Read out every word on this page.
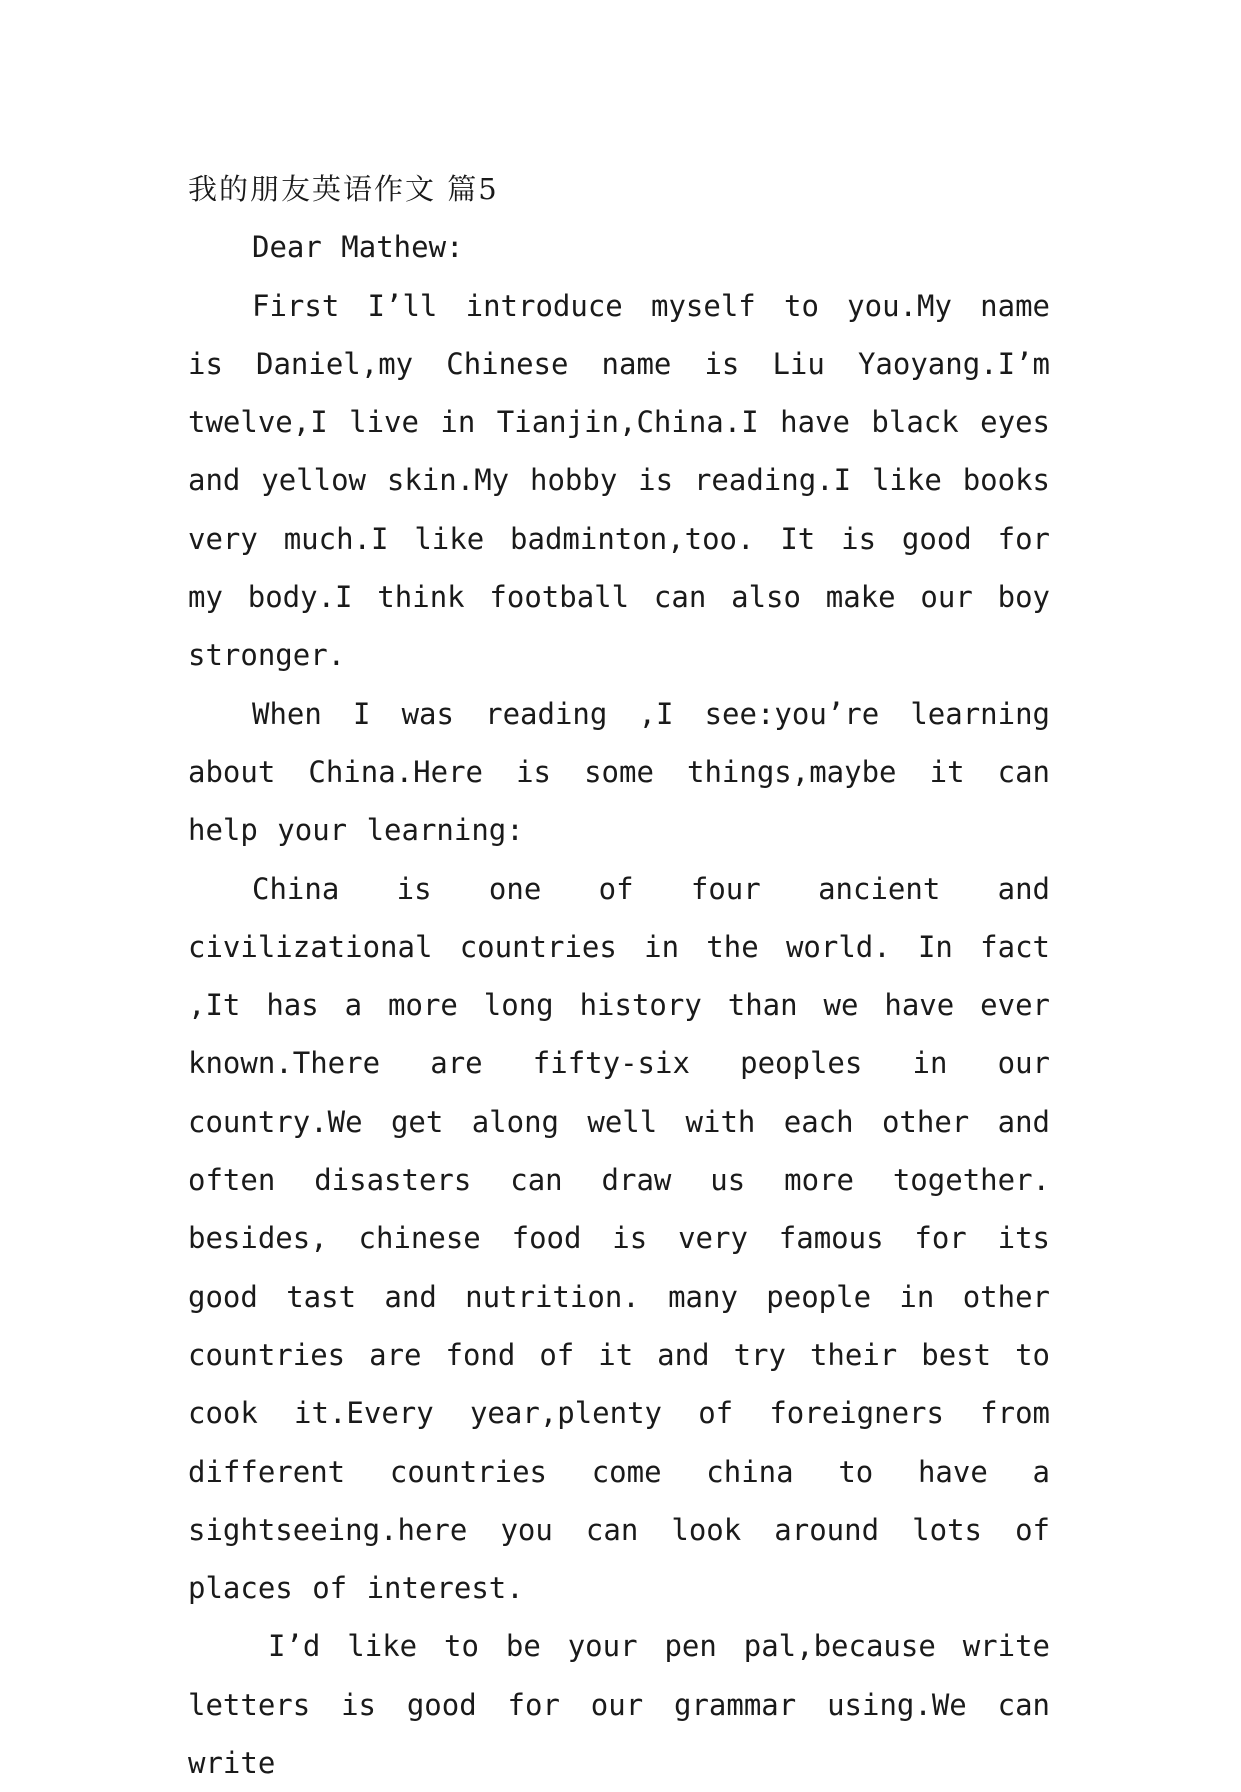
我的朋友英语作文 篇5

Dear Mathew:

First I’ll introduce myself to you.My name is Daniel,my Chinese name is Liu Yaoyang.I’m twelve,I live in Tianjin,China.I have black eyes and yellow skin.My hobby is reading.I like books very much.I like badminton,too. It is good for my body.I think football can also make our boy stronger.

When I was reading ,I see:you’re learning about China.Here is some things,maybe it can help your learning:

China is one of four ancient and civilizational countries in the world. In fact ,It has a more long history than we have ever known.There are fifty-six peoples in our country.We get along well with each other and often disasters can draw us more together. besides, chinese food is very famous for its good tast and nutrition. many people in other countries are fond of it and try their best to cook it.Every year,plenty of foreigners from different countries come china to have a sightseeing.here you can look around lots of places of interest.

I’d like to be your pen pal,because write letters is good for our grammar using.We can write
